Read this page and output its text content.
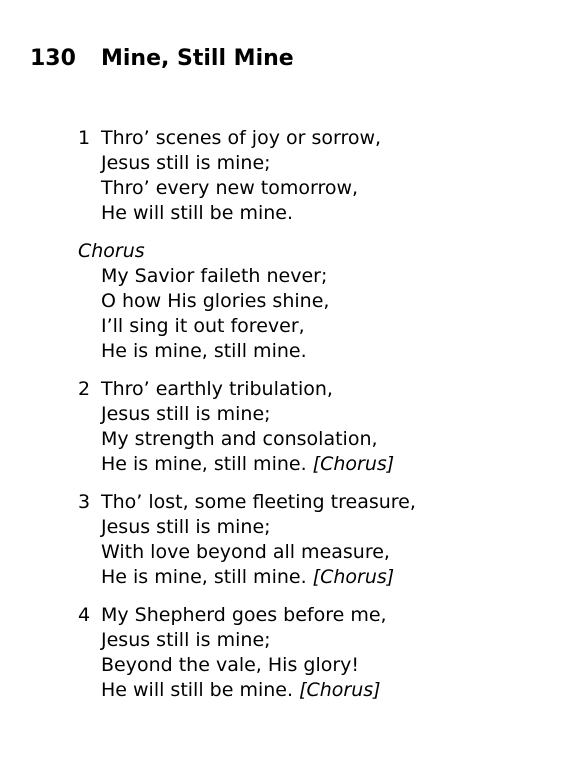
130 Mine, Still Mine
1 Thro’ scenes of joy or sorrow,
Jesus still is mine;
Thro’ every new tomorrow,
He will still be mine.
Chorus
My Savior faileth never;
O how His glories shine,
I’ll sing it out forever,
He is mine, still mine.
2 Thro’ earthly tribulation,
Jesus still is mine;
My strength and consolation,
He is mine, still mine. [Chorus]
3 Tho’ lost, some fleeting treasure,
Jesus still is mine;
With love beyond all measure,
He is mine, still mine. [Chorus]
4 My Shepherd goes before me,
Jesus still is mine;
Beyond the vale, His glory!
He will still be mine. [Chorus]
